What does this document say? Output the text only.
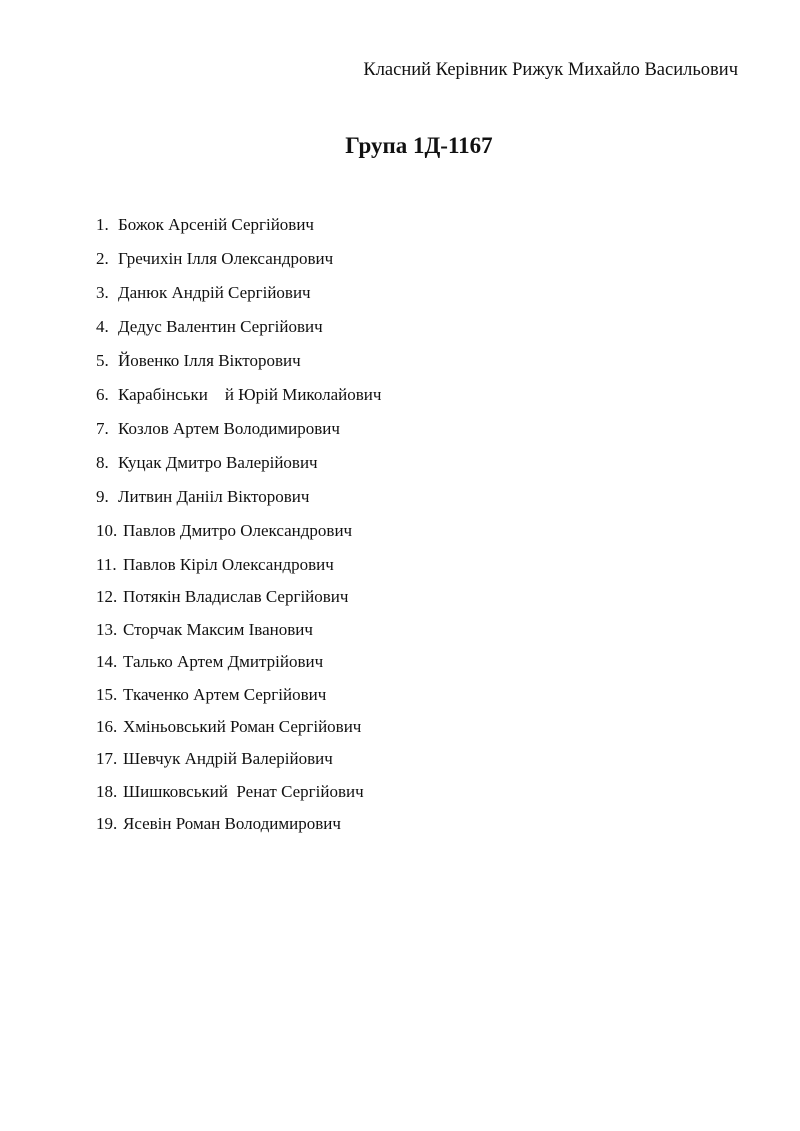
Класний Керівник Рижук Михайло Васильович
Група 1Д-1167
1. Божок Арсеній Сергійович
2. Гречихін Ілля Олександрович
3. Данюк Андрій Сергійович
4. Дедус Валентин Сергійович
5. Йовенко Ілля Вікторович
6. Карабінськи    й Юрій Миколайович
7. Козлов Артем Володимирович
8. Куцак Дмитро Валерійович
9. Литвин Данііл Вікторович
10. Павлов Дмитро Олександрович
11. Павлов Кіріл Олександрович
12. Потякін Владислав Сергійович
13. Сторчак Максим Іванович
14. Талько Артем Дмитрійович
15. Ткаченко Артем Сергійович
16. Хміньовський Роман Сергійович
17. Шевчук Андрій Валерійович
18. Шишковський  Ренат Сергійович
19. Ясевін Роман Володимирович
